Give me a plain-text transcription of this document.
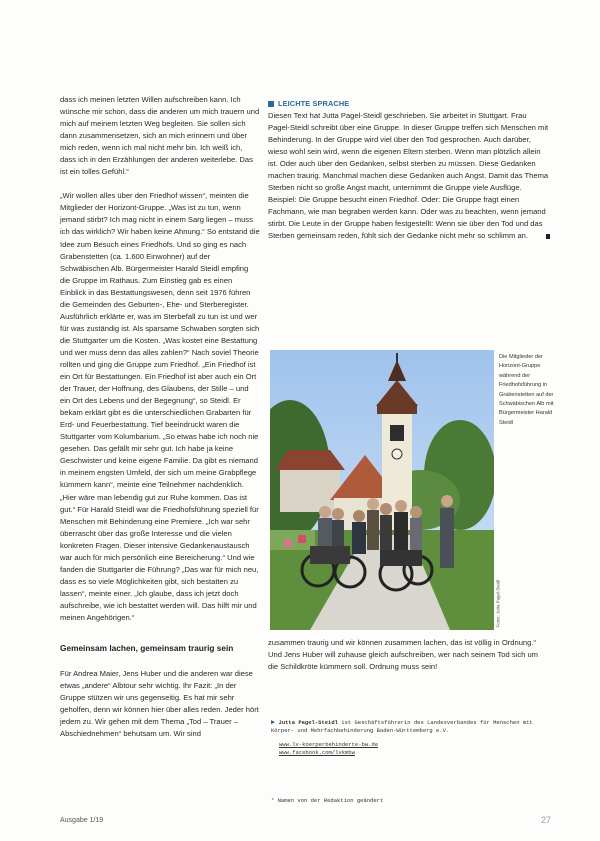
dass ich meinen letzten Willen aufschreiben kann. Ich wünsche mir schon, dass die anderen um mich trauern und mich auf meinem letzten Weg begleiten. Sie sollen sich dann zusammensetzen, sich an mich erinnern und über mich reden, wenn ich mal nicht mehr bin. Ich weiß ich, dass ich in den Erzählungen der anderen weiterlebe. Das ist ein tolles Gefühl.“

„Wir wollen alles über den Friedhof wissen“, meinten die Mitglieder der Horizont-Gruppe. „Was ist zu tun, wenn jemand stirbt? Ich mag nicht in einem Sarg liegen – muss ich das wirklich? Wir haben keine Ahnung.“ So entstand die Idee zum Besuch eines Friedhofs. Und so ging es nach Grabenstetten (ca. 1.600 Einwohner) auf der Schwäbischen Alb. Bürgermeister Harald Steidl empfing die Gruppe im Rathaus. Zum Einstieg gab es einen Einblick in das Bestattungswesen, denn seit 1976 führen die Gemeinden des Geburten-, Ehe- und Sterberegister. Ausführlich erklärte er, was im Sterbefall zu tun ist und wer für was zuständig ist. Als sparsame Schwaben sorgten sich die Stuttgarter um die Kosten. „Was kostet eine Bestattung und wer muss denn das alles zahlen?“ Nach soviel Theorie rollten und ging die Gruppe zum Friedhof. „Ein Friedhof ist ein Ort für Bestattungen. Ein Friedhof ist aber auch ein Ort der Trauer, der Hoffnung, des Glaubens, der Stille – und ein Ort des Lebens und der Begegnung“, so Steidl. Er bekam erklärt gibt es die unterschiedlichen Grabarten für Erd- und Feuerbestattung. Tief beeindruckt waren die Stuttgarter vom Kolumbarium. „So etwas habe ich noch nie gesehen. Das gefällt mir sehr gut. Ich habe ja keine Geschwister und keine eigene Familie. Da gibt es niemand in meinem engsten Umfeld, der sich um meine Grabpflege kümmern kann“, meinte eine Teilnehmer nachdenklich. „Hier wäre man lebendig gut zur Ruhe kommen. Das ist gut.“ Für Harald Steidl war die Friedhofsführung speziell für Menschen mit Behinderung eine Premiere. „Ich war sehr überrascht über das große Interesse und die vielen konkreten Fragen. Dieser intensive Gedankenaustausch war auch für mich persönlich eine Bereicherung.“ Und wie fanden die Stuttgarter die Führung? „Das war für mich neu, dass es so viele Möglichkeiten gibt, sich bestatten zu lassen“, meinte einer. „Ich glaube, dass ich jetzt doch aufschreibe, wie ich bestattet werden will. Das hilft mir und meinen Angehörigen.“

Gemeinsam lachen, gemeinsam traurig sein

Für Andrea Maier, Jens Huber und die anderen war diese etwas „andere“ Albtour sehr wichtig. Ihr Fazit: „In der Gruppe stützen wir uns gegenseitig. Es hat mir sehr geholfen, denn wir können hier über alles reden. Jeder hört jedem zu. Wir gehen mit dem Thema „Tod – Trauer – Abschiednehmen“ behutsam um. Wir sind

LEICHTE SPRACHE

Diesen Text hat Jutta Pagel-Steidl geschrieben. Sie arbeitet in Stuttgart. Frau Pagel-Steidl schreibt über eine Gruppe. In dieser Gruppe treffen sich Menschen mit Behinderung. In der Gruppe wird viel über den Tod gesprochen. Auch darüber, wieso wohl sein wird, wenn die eigenen Eltern sterben. Wenn man plötzlich allein ist. Oder auch über den Gedanken, selbst sterben zu müssen. Diese Gedanken machen traurig. Manchmal machen diese Gedanken auch Angst. Damit das Thema Sterben nicht so große Angst macht, unternimmt die Gruppe viele Ausflüge. Beispiel: Die Gruppe besucht einen Friedhof. Oder: Die Gruppe fragt einen Fachmann, wie man begraben werden kann. Oder was zu beachten, wenn jemand stirbt. Die Leute in der Gruppe haben festgestellt: Wenn sie über den Tod und das Sterben gemeinsam reden, fühlt sich der Gedanke nicht mehr so schlimm an.

Die Mitglieder der Horizont-Gruppe während der Friedhofsführung in Grabenstetten auf der Schwäbischen Alb mit Bürgermeister Harald Steidl
Fotos: Jutta Pagel-Steidl

zusammen traurig und wir können zusammen lachen, das ist völlig in Ordnung.“ Und Jens Huber will zuhause gleich aufschreiben, wer nach seinem Tod sich um die Schildkröte kümmern soll. Ordnung muss sein!

▶ Jutta Pagel-Steidl ist Geschäftsführerin des Landesverbandes für Menschen mit Körper- und Mehrfachbehinderung Baden-Württemberg e.V.
www.lv-koerperbehinderte-bw.de
www.facebook.com/lvkmbw
* Namen von der Redaktion geändert
Ausgabe 1/19	27
